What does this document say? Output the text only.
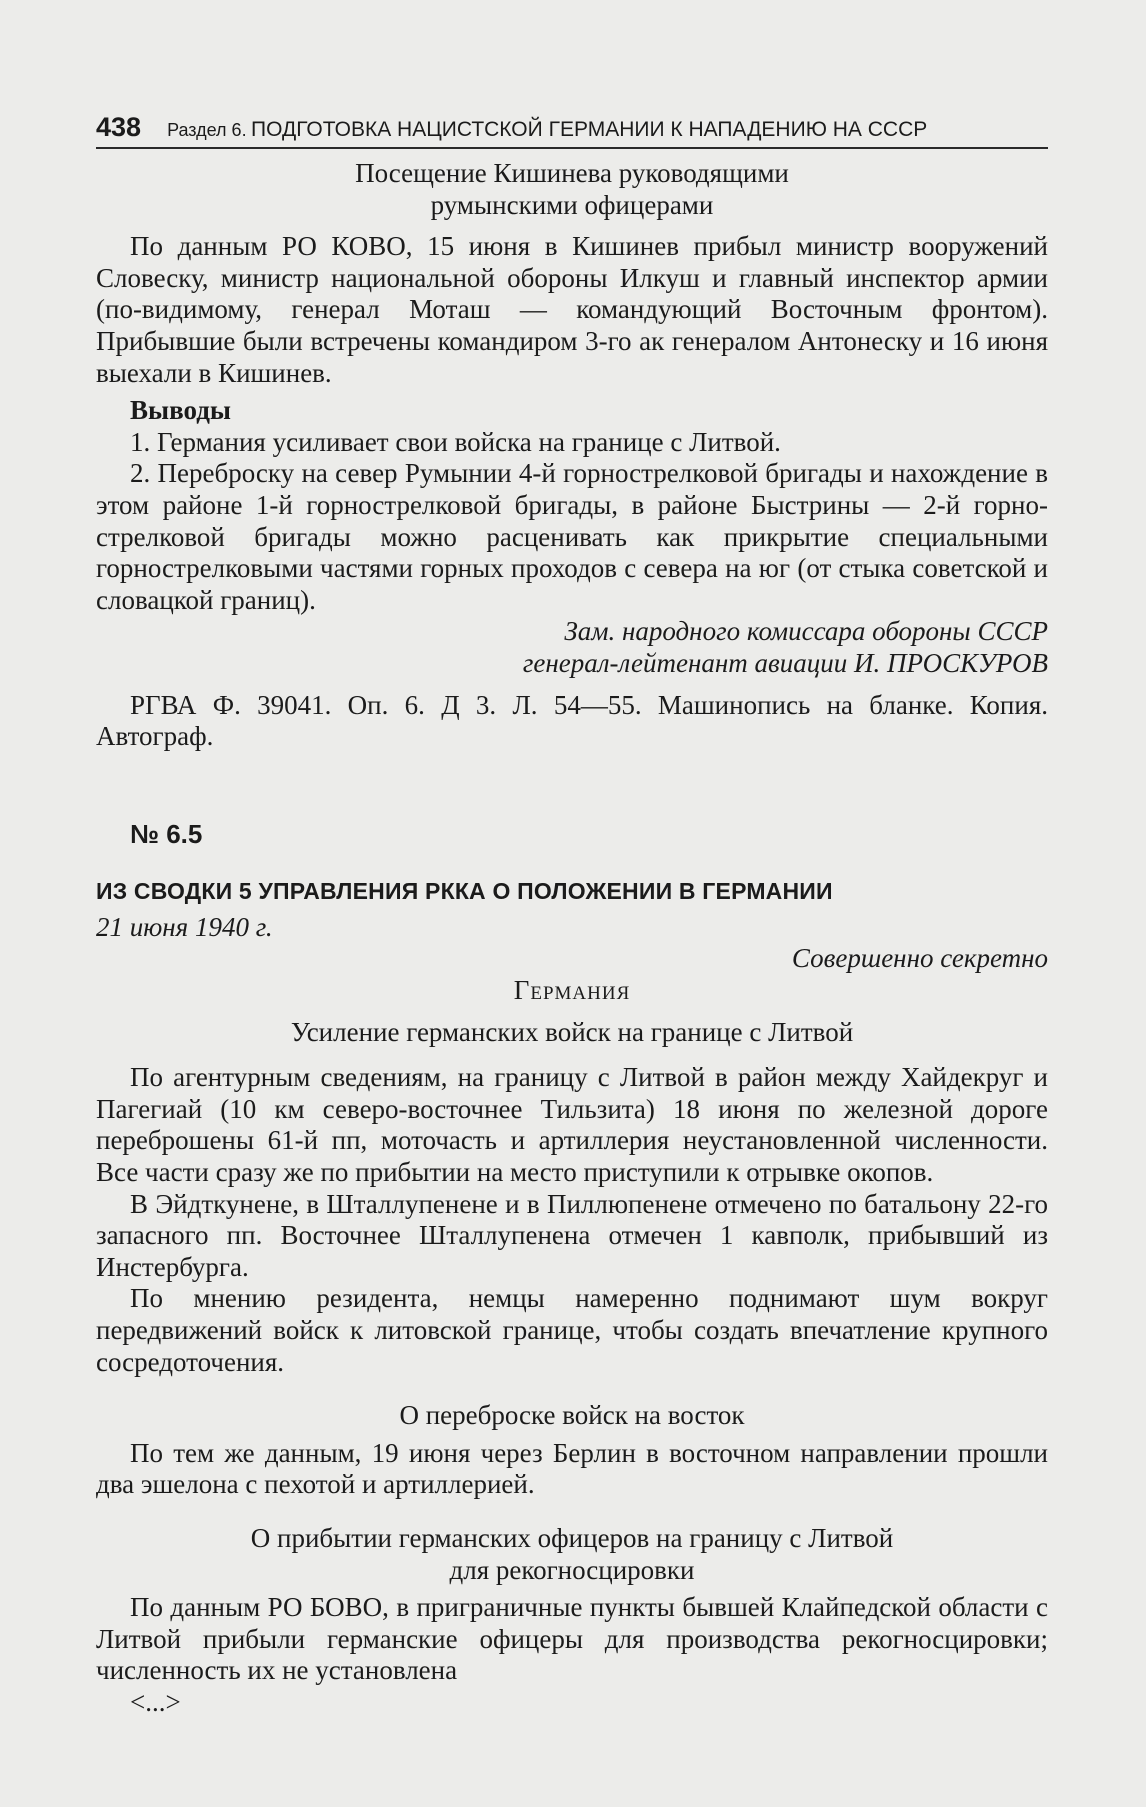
438 Раздел 6. ПОДГОТОВКА НАЦИСТСКОЙ ГЕРМАНИИ К НАПАДЕНИЮ НА СССР

Посещение Кишинева руководящими

румынскими офицерами

По данным РО КОВО, 15 июня в Кишинев прибыл министр вооружений Словеску, министр национальной обороны Илкуш и главный инспектор армии (по-видимому, генерал Моташ — командующий Восточным фронтом). Прибывшие были встречены командиром 3-го ак генералом Антонеску и 16 июня выехали в Кишинев.

Выводы

1. Германия усиливает свои войска на границе с Литвой.

2. Переброску на север Румынии 4-й горнострелковой бригады и нахождение в этом районе 1-й горнострелковой бригады, в районе Быстрины — 2-й горно-стрелковой бригады можно расценивать как прикрытие специальными горнострелковыми частями горных проходов с севера на юг (от стыка советской и словацкой границ).

Зам. народного комиссара обороны СССР

генерал-лейтенант авиации И. ПРОСКУРОВ

РГВА Ф. 39041. Оп. 6. Д 3. Л. 54—55. Машинопись на бланке. Копия. Автограф.

№ 6.5

ИЗ СВОДКИ 5 УПРАВЛЕНИЯ РККА О ПОЛОЖЕНИИ В ГЕРМАНИИ

21 июня 1940 г.

Совершенно секретно

Германия

Усиление германских войск на границе с Литвой

По агентурным сведениям, на границу с Литвой в район между Хайдекруг и Пагегиай (10 км северо-восточнее Тильзита) 18 июня по железной дороге переброшены 61-й пп, моточасть и артиллерия неустановленной численности. Все части сразу же по прибытии на место приступили к отрывке окопов.

В Эйдткунене, в Шталлупенене и в Пиллюпенене отмечено по батальону 22-го запасного пп. Восточнее Шталлупенена отмечен 1 кавполк, прибывший из Инстербурга.

По мнению резидента, немцы намеренно поднимают шум вокруг передвижений войск к литовской границе, чтобы создать впечатление крупного сосредоточения.

О переброске войск на восток

По тем же данным, 19 июня через Берлин в восточном направлении прошли два эшелона с пехотой и артиллерией.

О прибытии германских офицеров на границу с Литвой

для рекогносцировки

По данным РО БОВО, в приграничные пункты бывшей Клайпедской области с Литвой прибыли германские офицеры для производства рекогносцировки; численность их не установлена

<...>
